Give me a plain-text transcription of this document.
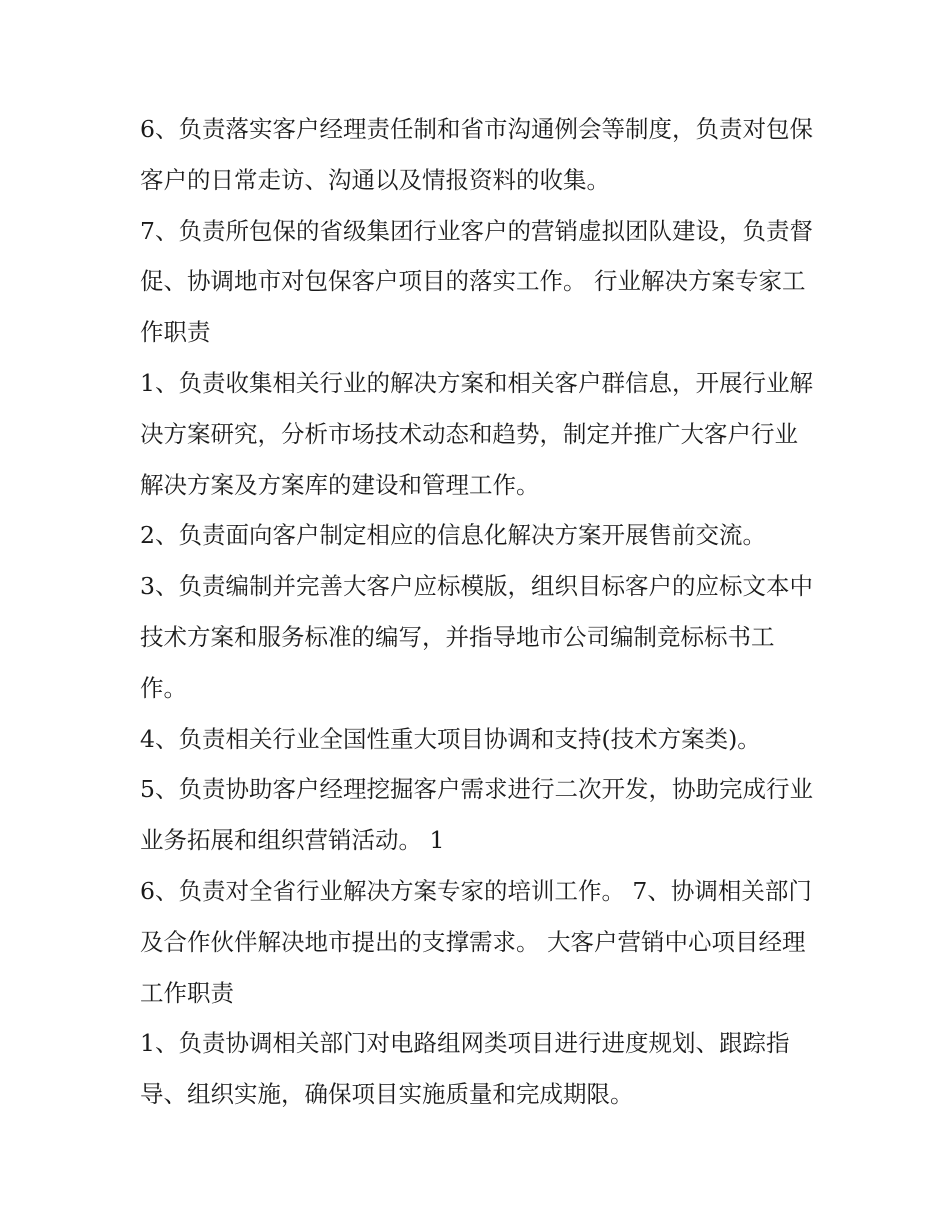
6、负责落实客户经理责任制和省市沟通例会等制度，负责对包保客户的日常走访、沟通以及情报资料的收集。

7、负责所包保的省级集团行业客户的营销虚拟团队建设，负责督促、协调地市对包保客户项目的落实工作。 行业解决方案专家工作职责

1、负责收集相关行业的解决方案和相关客户群信息，开展行业解决方案研究，分析市场技术动态和趋势，制定并推广大客户行业解决方案及方案库的建设和管理工作。

2、负责面向客户制定相应的信息化解决方案开展售前交流。

3、负责编制并完善大客户应标模版，组织目标客户的应标文本中技术方案和服务标准的编写，并指导地市公司编制竞标标书工作。

4、负责相关行业全国性重大项目协调和支持(技术方案类)。

5、负责协助客户经理挖掘客户需求进行二次开发，协助完成行业业务拓展和组织营销活动。 1

6、负责对全省行业解决方案专家的培训工作。 7、协调相关部门及合作伙伴解决地市提出的支撑需求。 大客户营销中心项目经理工作职责

1、负责协调相关部门对电路组网类项目进行进度规划、跟踪指导、组织实施，确保项目实施质量和完成期限。
